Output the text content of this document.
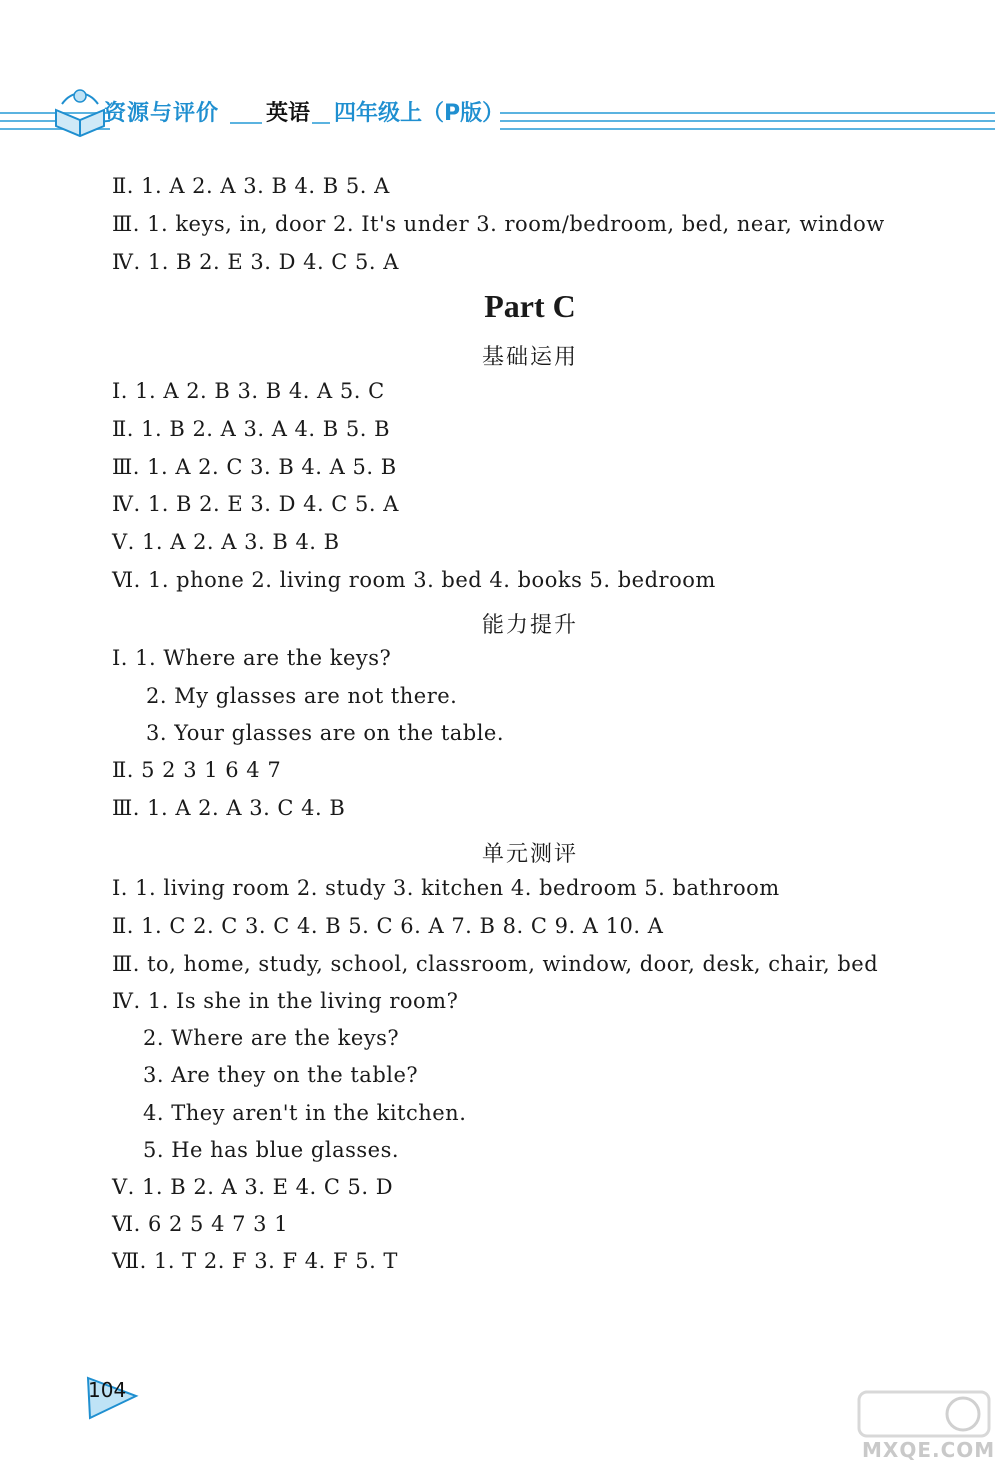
资源与评价 英语 四年级上（P版）
Ⅱ. 1. A 2. A 3. B 4. B 5. A
Ⅲ. 1. keys, in, door 2. It's under 3. room/bedroom, bed, near, window
Ⅳ. 1. B 2. E 3. D 4. C 5. A
Part C
基础运用
Ⅰ. 1. A 2. B 3. B 4. A 5. C
Ⅱ. 1. B 2. A 3. A 4. B 5. B
Ⅲ. 1. A 2. C 3. B 4. A 5. B
Ⅳ. 1. B 2. E 3. D 4. C 5. A
Ⅴ. 1. A 2. A 3. B 4. B
Ⅵ. 1. phone 2. living room 3. bed 4. books 5. bedroom
能力提升
Ⅰ. 1. Where are the keys?
2. My glasses are not there.
3. Your glasses are on the table.
Ⅱ. 5 2 3 1 6 4 7
Ⅲ. 1. A 2. A 3. C 4. B
单元测评
Ⅰ. 1. living room 2. study 3. kitchen 4. bedroom 5. bathroom
Ⅱ. 1. C 2. C 3. C 4. B 5. C 6. A 7. B 8. C 9. A 10. A
Ⅲ. to, home, study, school, classroom, window, door, desk, chair, bed
Ⅳ. 1. Is she in the living room?
2. Where are the keys?
3. Are they on the table?
4. They aren't in the kitchen.
5. He has blue glasses.
Ⅴ. 1. B 2. A 3. E 4. C 5. D
Ⅵ. 6 2 5 4 7 3 1
Ⅶ. 1. T 2. F 3. F 4. F 5. T
104
MXQE.COM
